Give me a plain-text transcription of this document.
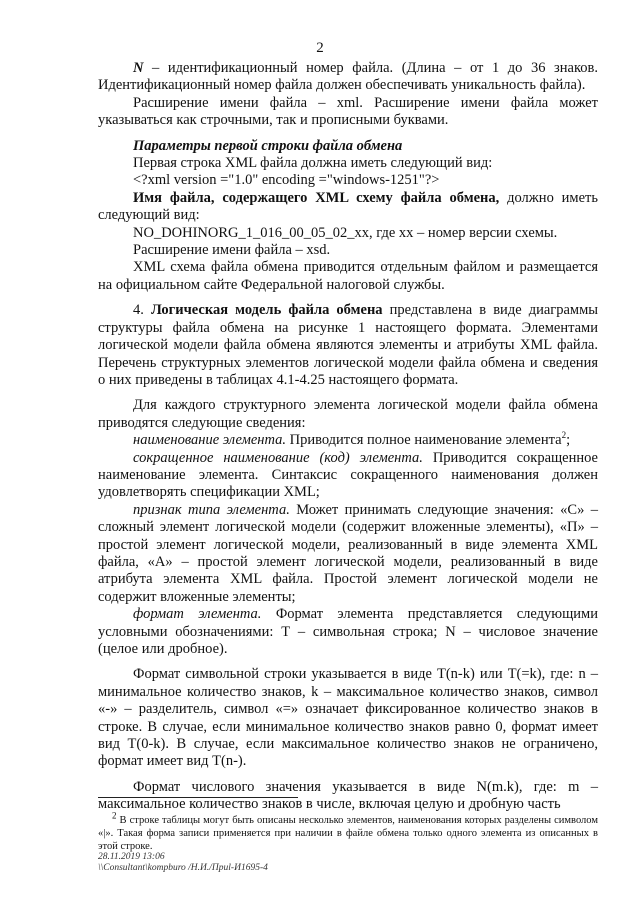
2

N – идентификационный номер файла. (Длина – от 1 до 36 знаков. Идентификационный номер файла должен обеспечивать уникальность файла).

Расширение имени файла – xml. Расширение имени файла может указываться как строчными, так и прописными буквами.

Параметры первой строки файла обмена

Первая строка XML файла должна иметь следующий вид:

<?xml version ="1.0" encoding ="windows-1251"?>

Имя файла, содержащего XML схему файла обмена, должно иметь следующий вид:

NO_DOHINORG_1_016_00_05_02_xx, где xx – номер версии схемы.

Расширение имени файла – xsd.

XML схема файла обмена приводится отдельным файлом и размещается на официальном сайте Федеральной налоговой службы.

4. Логическая модель файла обмена представлена в виде диаграммы структуры файла обмена на рисунке 1 настоящего формата. Элементами логической модели файла обмена являются элементы и атрибуты XML файла. Перечень структурных элементов логической модели файла обмена и сведения о них приведены в таблицах 4.1-4.25 настоящего формата.

Для каждого структурного элемента логической модели файла обмена приводятся следующие сведения:

наименование элемента. Приводится полное наименование элемента$^2$;

сокращенное наименование (код) элемента. Приводится сокращенное наименование элемента. Синтаксис сокращенного наименования должен удовлетворять спецификации XML;

признак типа элемента. Может принимать следующие значения: «С» – сложный элемент логической модели (содержит вложенные элементы), «П» – простой элемент логической модели, реализованный в виде элемента XML файла, «А» – простой элемент логической модели, реализованный в виде атрибута элемента XML файла. Простой элемент логической модели не содержит вложенные элементы;

формат элемента. Формат элемента представляется следующими условными обозначениями: Т – символьная строка; N – числовое значение (целое или дробное).

Формат символьной строки указывается в виде T(n-k) или T(=k), где: n – минимальное количество знаков, k – максимальное количество знаков, символ «-» – разделитель, символ «=» означает фиксированное количество знаков в строке. В случае, если минимальное количество знаков равно 0, формат имеет вид T(0-k). В случае, если максимальное количество знаков не ограничено, формат имеет вид T(n-).

Формат числового значения указывается в виде N(m.k), где: m – максимальное количество знаков в числе, включая целую и дробную часть

$^2$ В строке таблицы могут быть описаны несколько элементов, наименования которых разделены символом «|». Такая форма записи применяется при наличии в файле обмена только одного элемента из описанных в этой строке.

28.11.2019 13:06
\\Consultant\kompburo /Н.И./Приl-И1695-4
